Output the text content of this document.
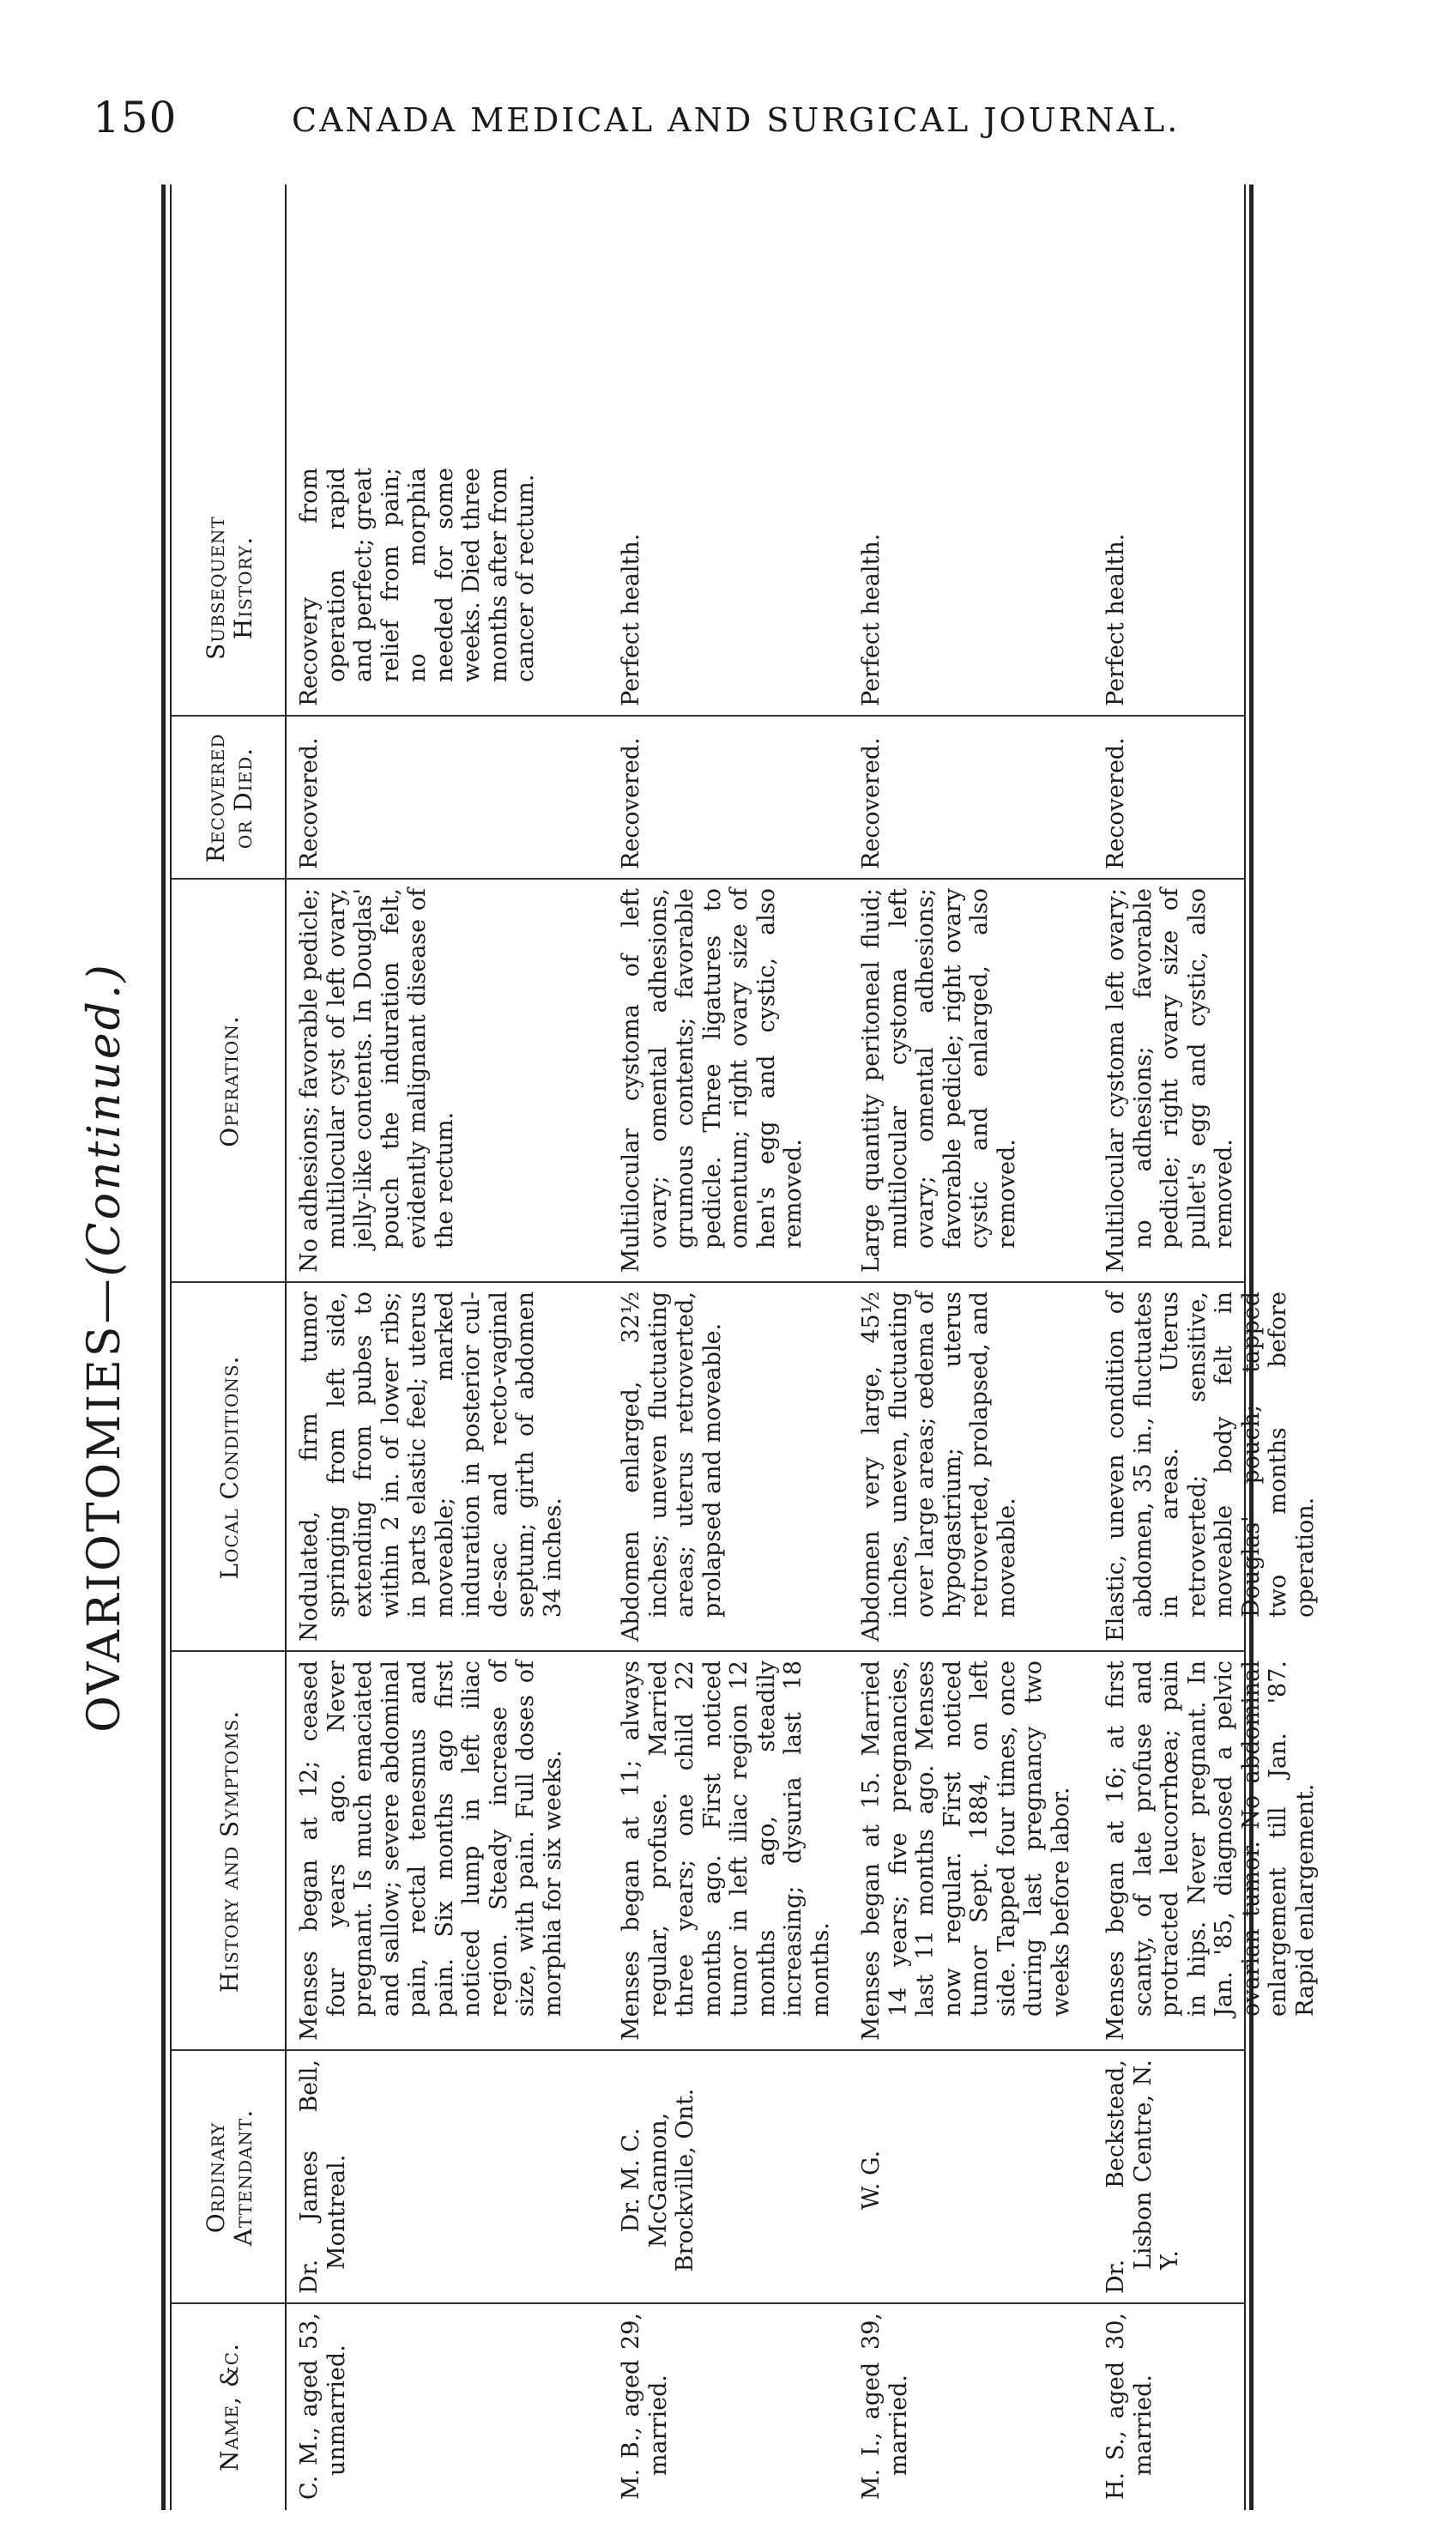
150	CANADA MEDICAL AND SURGICAL JOURNAL.
OVARIOTOMIES—(Continued.)
Name, &c.
Ordinary Attendant.
History and Symptoms.
Local Conditions.
Operation.
Recovered or Died.
Subsequent History.
C. M., aged 53, unmarried.
Dr. James Bell, Montreal.
Menses began at 12; ceased four years ago. Never pregnant. Is much emaciated and sallow; severe abdominal pain, rectal tenesmus and pain. Six months ago first noticed lump in left iliac region. Steady increase of size, with pain. Full doses of morphia for six weeks.
Nodulated, firm tumor springing from left side, extending from pubes to within 2 in. of lower ribs; in parts elastic feel; uterus moveable; marked induration in posterior cul-de-sac and recto-vaginal septum; girth of abdomen 34 inches.
No adhesions; favorable pedicle; multilocular cyst of left ovary, jelly-like contents. In Douglas' pouch the induration felt, evidently malignant disease of the rectum.
Recovered.
Recovery from operation rapid and perfect; great relief from pain; no morphia needed for some weeks. Died three months after from cancer of rectum.
M. B., aged 29, married.
Dr. M. C. McGannon, Brockville, Ont.
Menses began at 11; always regular, profuse. Married three years; one child 22 months ago. First noticed tumor in left iliac region 12 months ago, steadily increasing; dysuria last 18 months.
Abdomen enlarged, 32½ inches; uneven fluctuating areas; uterus retroverted, prolapsed and moveable.
Multilocular cystoma of left ovary; omental adhesions, grumous contents; favorable pedicle. Three ligatures to omentum; right ovary size of hen's egg and cystic, also removed.
Recovered.
Perfect health.
M. I., aged 39, married.
W. G.
Menses began at 15. Married 14 years; five pregnancies, last 11 months ago. Menses now regular. First noticed tumor Sept. 1884, on left side. Tapped four times, once during last pregnancy two weeks before labor.
Abdomen very large, 45½ inches, uneven, fluctuating over large areas; œdema of hypogastrium; uterus retroverted, prolapsed, and moveable.
Large quantity peritoneal fluid; multilocular cystoma left ovary; omental adhesions; favorable pedicle; right ovary cystic and enlarged, also removed.
Recovered.
Perfect health.
H. S., aged 30, married.
Dr. Beckstead, Lisbon Centre, N. Y.
Menses began at 16; at first scanty, of late profuse and protracted leucorrhœa; pain in hips. Never pregnant. In Jan. '85, diagnosed a pelvic ovarian tumor. No abdominal enlargement till Jan. '87. Rapid enlargement.
Elastic, uneven condition of abdomen, 35 in., fluctuates in areas. Uterus retroverted; sensitive, moveable body felt in Douglas' pouch; tapped two months before operation.
Multilocular cystoma left ovary; no adhesions; favorable pedicle; right ovary size of pullet's egg and cystic, also removed.
Recovered.
Perfect health.
